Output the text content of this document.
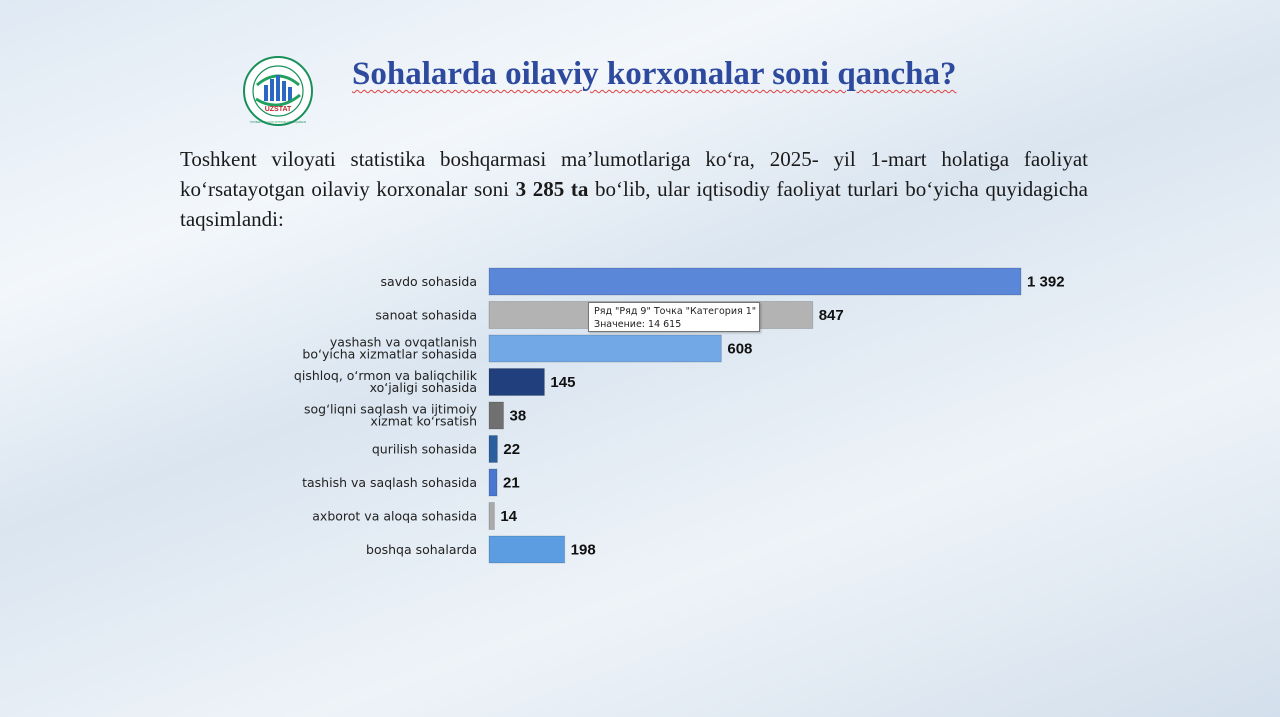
UZSTAT
TOSHKENT VILOYATI STATISTIKA BOSHQARMASI
Sohalarda oilaviy korxonalar soni qancha?

Toshkent viloyati statistika boshqarmasi ma’lumotlariga ko‘ra, 2025- yil 1-mart holatiga faoliyat ko‘rsatayotgan oilaviy korxonalar soni 3 285 ta bo‘lib, ular iqtisodiy faoliyat turlari bo‘yicha quyidagicha taqsimlandi:

1 392
savdo sohasida
847
sanoat sohasida
608
yashash va ovqatlanish
bo‘yicha xizmatlar sohasida
145
qishloq, o‘rmon va baliqchilik
xo‘jaligi sohasida
38
sog‘liqni saqlash va ijtimoiy
xizmat ko‘rsatish
22
qurilish sohasida
21
tashish va saqlash sohasida
14
axborot va aloqa sohasida
198
boshqa sohalarda
Ряд "Ряд 9" Точка "Категория 1"
Значение: 14 615
